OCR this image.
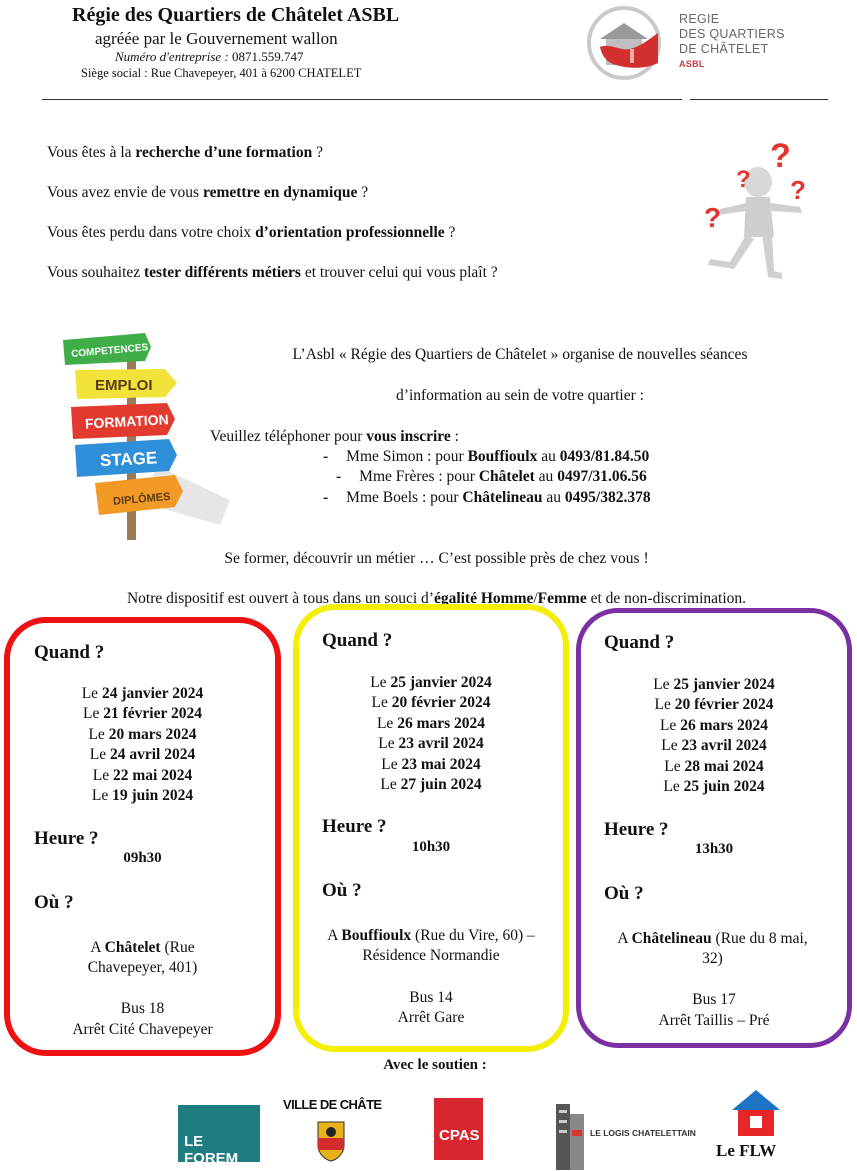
Régie des Quartiers de Châtelet ASBL
agréée par le Gouvernement wallon
Numéro d'entreprise : 0871.559.747
Siège social : Rue Chavepeyer, 401 à 6200 CHATELET
REGIE
DES QUARTIERS
DE CHÂTELET
ASBL
Vous êtes à la recherche d’une formation ?
Vous avez envie de vous remettre en dynamique ?
Vous êtes perdu dans votre choix d’orientation professionnelle ?
Vous souhaitez tester différents métiers et trouver celui qui vous plaît ?
?
? ?
?
COMPETENCES
EMPLOI
FORMATION
STAGE
DIPLÔMES
L’Asbl « Régie des Quartiers de Châtelet » organise de nouvelles séances
d’information au sein de votre quartier :
Veuillez téléphoner pour vous inscrire :
- Mme Simon : pour Bouffioulx au 0493/81.84.50
- Mme Frères : pour Châtelet au 0497/31.06.56
- Mme Boels : pour Châtelineau au 0495/382.378
Se former, découvrir un métier … C’est possible près de chez vous !
Notre dispositif est ouvert à tous dans un souci d’égalité Homme/Femme et de non-discrimination.
Quand ?
Le 24 janvier 2024
Le 21 février 2024
Le 20 mars 2024
Le 24 avril 2024
Le 22 mai 2024
Le 19 juin 2024
Heure ?
09h30
Où ?
A Châtelet (Rue Chavepeyer, 401)
Bus 18
Arrêt Cité Chavepeyer
Quand ?
Le 25 janvier 2024
Le 20 février 2024
Le 26 mars 2024
Le 23 avril 2024
Le 23 mai 2024
Le 27 juin 2024
Heure ?
10h30
Où ?
A Bouffioulx (Rue du Vire, 60) – Résidence Normandie
Bus 14
Arrêt Gare
Quand ?
Le 25 janvier 2024
Le 20 février 2024
Le 26 mars 2024
Le 23 avril 2024
Le 28 mai 2024
Le 25 juin 2024
Heure ?
13h30
Où ?
A Châtelineau (Rue du 8 mai, 32)
Bus 17
Arrêt Taillis – Pré
Avec le soutien :
LE FOREM
VILLE DE CHÂTE
CPAS	LE LOGIS CHATELETTAIN
Le FLW
